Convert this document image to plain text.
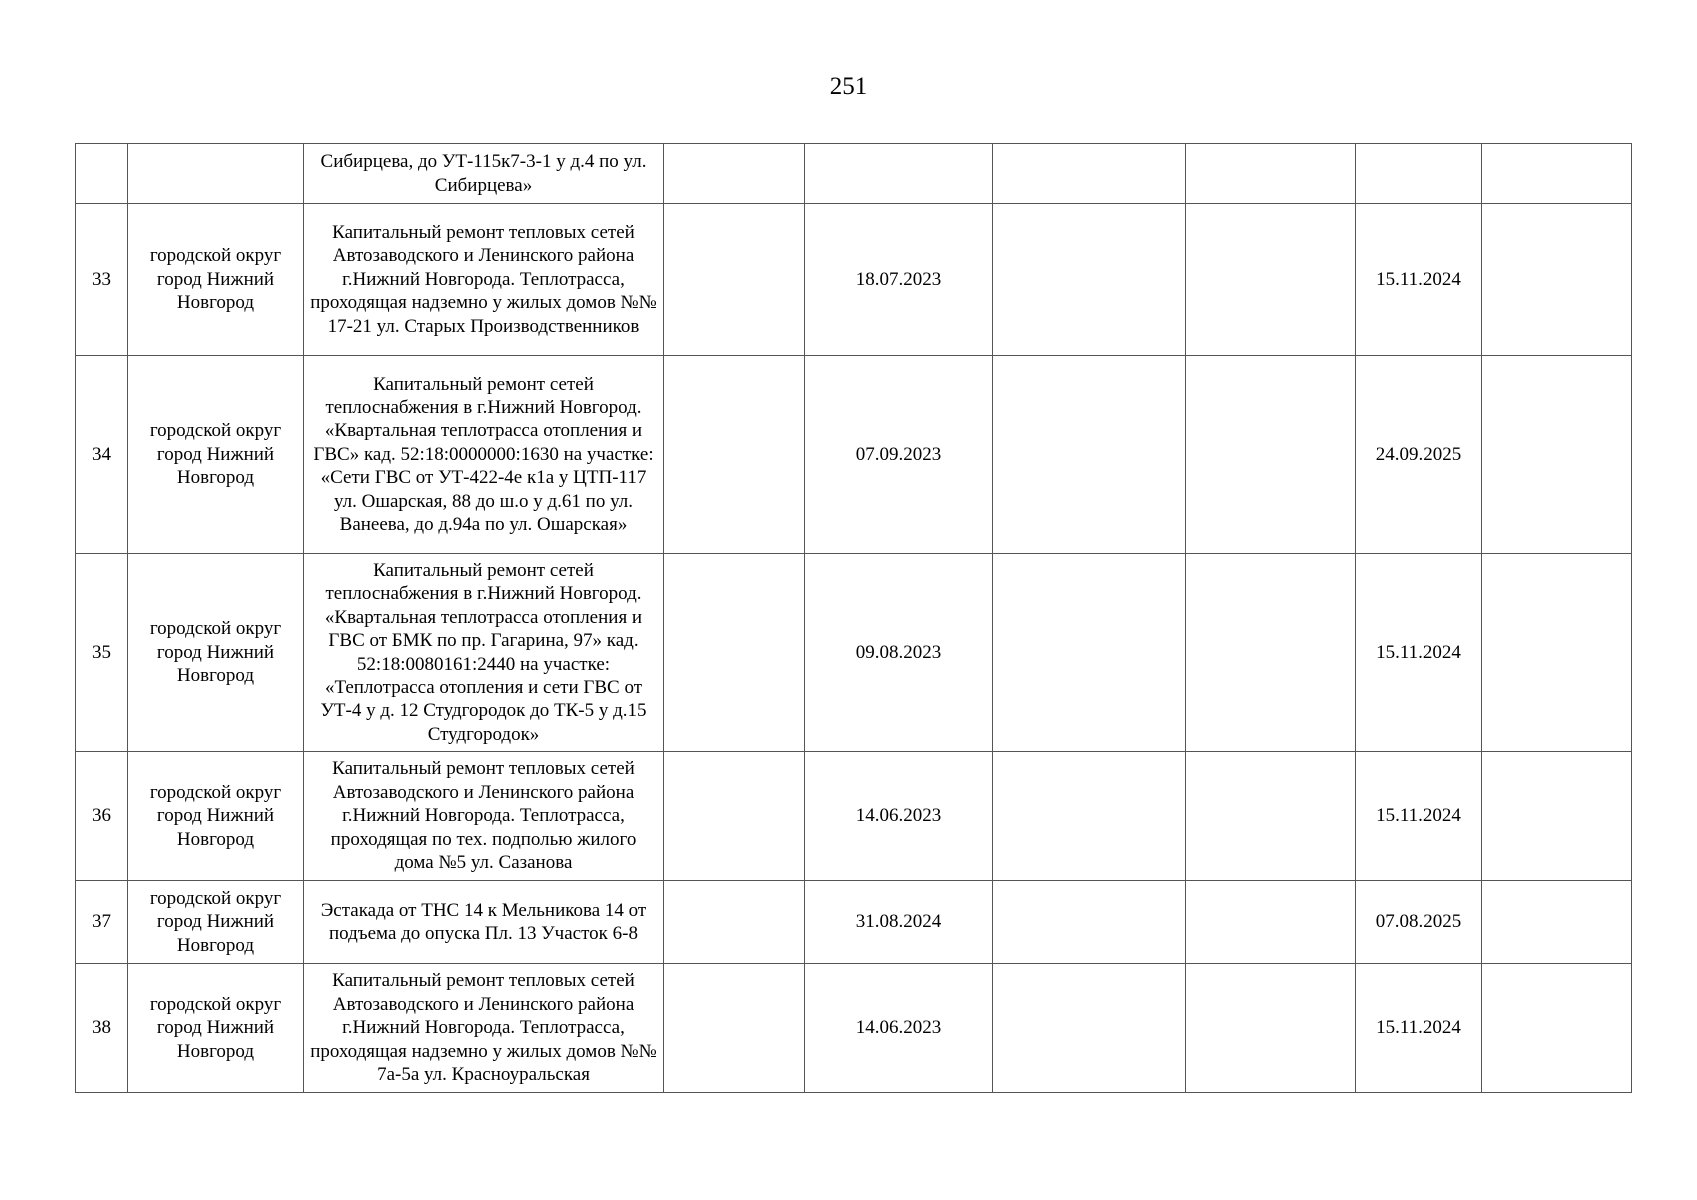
251
		Сибирцева, до УТ-115к7-3-1 у д.4 по ул. Сибирцева»						
33	городской округ город Нижний Новгород	Капитальный ремонт тепловых сетей Автозаводского и Ленинского района г.Нижний Новгорода. Теплотрасса, проходящая надземно у жилых домов №№ 17-21 ул. Старых Производственников		18.07.2023			15.11.2024	
34	городской округ город Нижний Новгород	Капитальный ремонт сетей теплоснабжения в г.Нижний Новгород. «Квартальная теплотрасса отопления и ГВС» кад. 52:18:0000000:1630 на участке: «Сети ГВС от УТ-422-4е к1а у ЦТП-117 ул. Ошарская, 88 до ш.о у д.61 по ул. Ванеева, до д.94а по ул. Ошарская»		07.09.2023			24.09.2025	
35	городской округ город Нижний Новгород	Капитальный ремонт сетей теплоснабжения в г.Нижний Новгород. «Квартальная теплотрасса отопления и ГВС от БМК по пр. Гагарина, 97» кад. 52:18:0080161:2440 на участке: «Теплотрасса отопления и сети ГВС от УТ-4 у д. 12 Студгородок до ТК-5 у д.15 Студгородок»		09.08.2023			15.11.2024	
36	городской округ город Нижний Новгород	Капитальный ремонт тепловых сетей Автозаводского и Ленинского района г.Нижний Новгорода. Теплотрасса, проходящая по тех. подполью жилого дома №5 ул. Сазанова		14.06.2023			15.11.2024	
37	городской округ город Нижний Новгород	Эстакада от ТНС 14 к Мельникова 14 от подъема до опуска Пл. 13 Участок 6-8		31.08.2024			07.08.2025	
38	городской округ город Нижний Новгород	Капитальный ремонт тепловых сетей Автозаводского и Ленинского района г.Нижний Новгорода. Теплотрасса, проходящая надземно у жилых домов №№ 7а-5а ул. Красноуральская		14.06.2023			15.11.2024	
